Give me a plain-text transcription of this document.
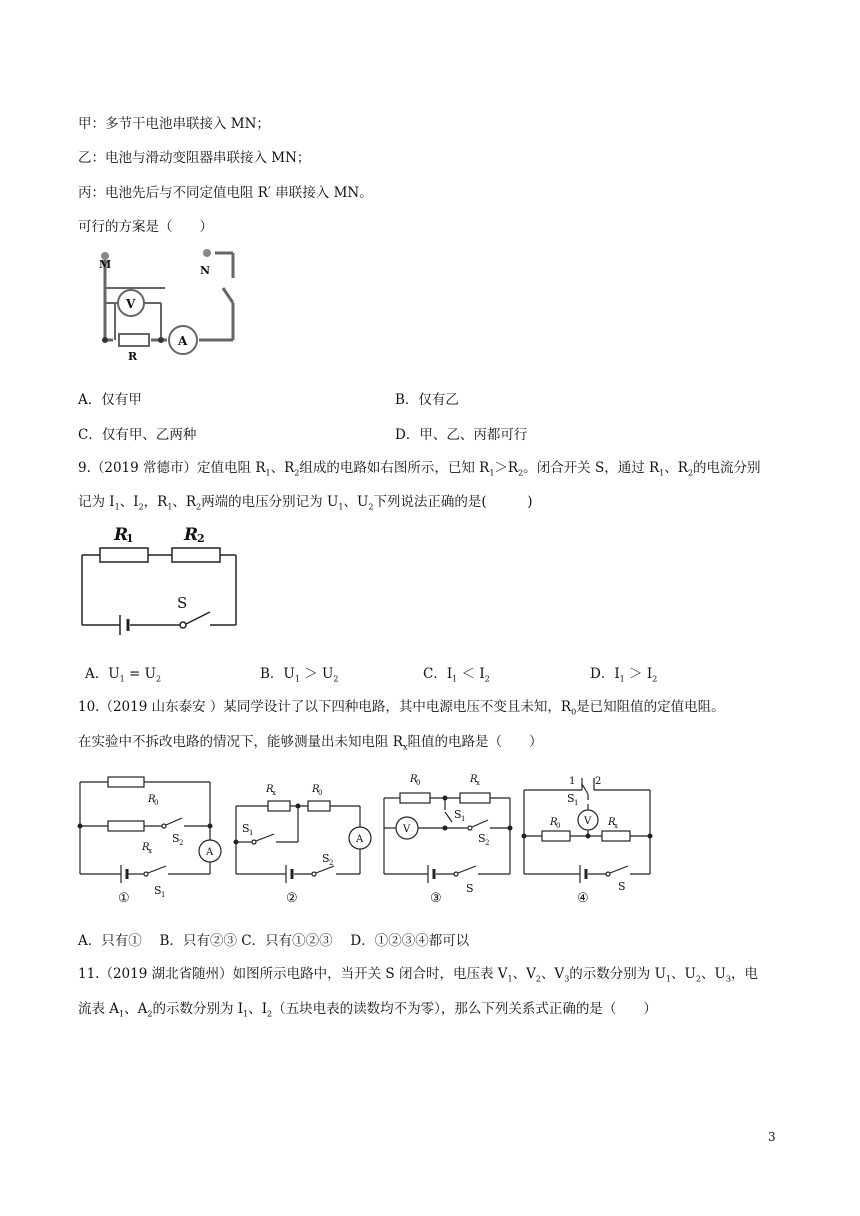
甲：多节干电池串联接入 MN；
乙：电池与滑动变阻器串联接入 MN；
丙：电池先后与不同定值电阻 R′ 串联接入 MN。
可行的方案是（　　）
M	N
V
A
R
A．仅有甲	B．仅有乙
C．仅有甲、乙两种	D．甲、乙、丙都可行
9.（2019 常德市）定值电阻 $R_1$、$R_2$组成的电路如右图所示，已知 $R_1>R_2$。闭合开关 S，通过 $R_1$、$R_2$的电流分别
记为 $I_1$、$I_2$，$R_1$、$R_2$两端的电压分别记为 $U_1$、$U_2$下列说法正确的是(　　　)
R
1	R
2
S
A．$U_1 = U_2$	B．$U_1 > U_2$	C．$I_1 < I_2$	D．$I_1 > I_2$
10.（2019 山东泰安 ）某同学设计了以下四种电路，其中电源电压不变且未知，$R_0$是已知阻值的定值电阻。
在实验中不拆改电路的情况下，能够测量出未知电阻 $R_x$阻值的电路是（　　）
A
R
0
R
x
S 2
S 1
①
A
R
x	R
0
S 1
S 2
②
V
R
0	R
x
S 1
S 2
S
③
V
1 2
S 1
R
0	R
x
S
④
A．只有①　 B．只有②③ C．只有①②③　 D．①②③④都可以
11.（2019 湖北省随州）如图所示电路中，当开关 S 闭合时，电压表 $V_1$、$V_2$、$V_3$的示数分别为 $U_1$、$U_2$、$U_3$，电
流表 $A_1$、$A_2$的示数分别为 $I_1$、$I_2$（五块电表的读数均不为零），那么下列关系式正确的是（　　）
3
